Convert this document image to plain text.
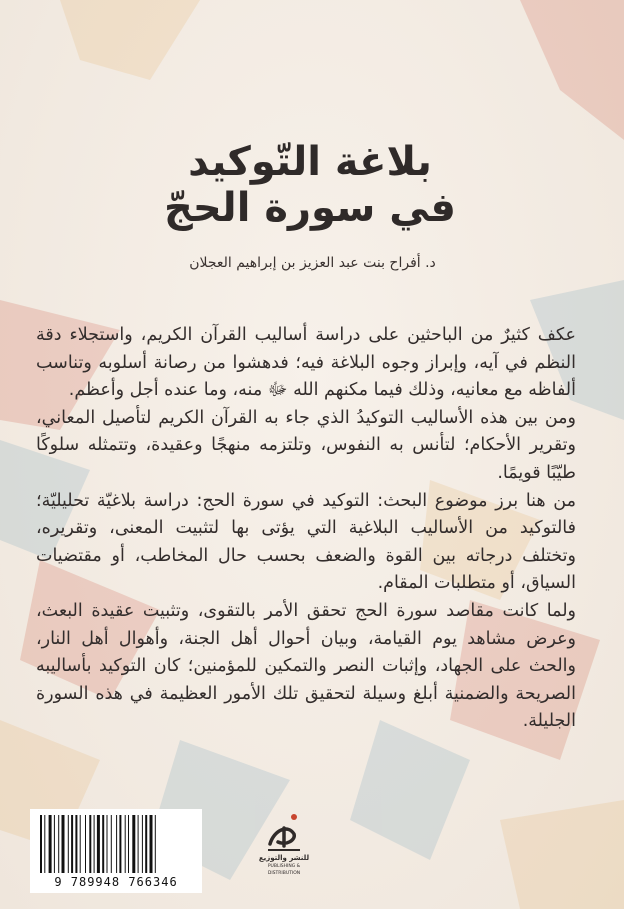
بلاغة التّوكيد
في سورة الحجّ
د. أفراح بنت عبد العزيز بن إبراهيم العجلان

عكف كثيرٌ من الباحثين على دراسة أساليب القرآن الكريم، واستجلاء دقة النظم في آيه، وإبراز وجوه البلاغة فيه؛ فدهشوا من رصانة أسلوبه وتناسب ألفاظه مع معانيه، وذلك فيما مكنهم الله ﷻ منه، وما عنده أجل وأعظم.

ومن بين هذه الأساليب التوكيدُ الذي جاء به القرآن الكريم لتأصيل المعاني، وتقرير الأحكام؛ لتأنس به النفوس، وتلتزمه منهجًا وعقيدة، وتتمثله سلوكًا طيّبًا قويمًا.

من هنا برز موضوع البحث: التوكيد في سورة الحج: دراسة بلاغيّة تحليليّة؛ فالتوكيد من الأساليب البلاغية التي يؤتى بها لتثبيت المعنى، وتقريره، وتختلف درجاته بين القوة والضعف بحسب حال المخاطب، أو مقتضيات السياق، أو متطلبات المقام.

ولما كانت مقاصد سورة الحج تحقق الأمر بالتقوى، وتثبيت عقيدة البعث، وعرض مشاهد يوم القيامة، وبيان أحوال أهل الجنة، وأهوال أهل النار، والحث على الجهاد، وإثبات النصر والتمكين للمؤمنين؛ كان التوكيد بأساليبه الصريحة والضمنية أبلغ وسيلة لتحقيق تلك الأمور العظيمة في هذه السورة الجليلة.

9 789948 766346
للنشر والتوزيع
PUBLISHING & DISTRIBUTION
